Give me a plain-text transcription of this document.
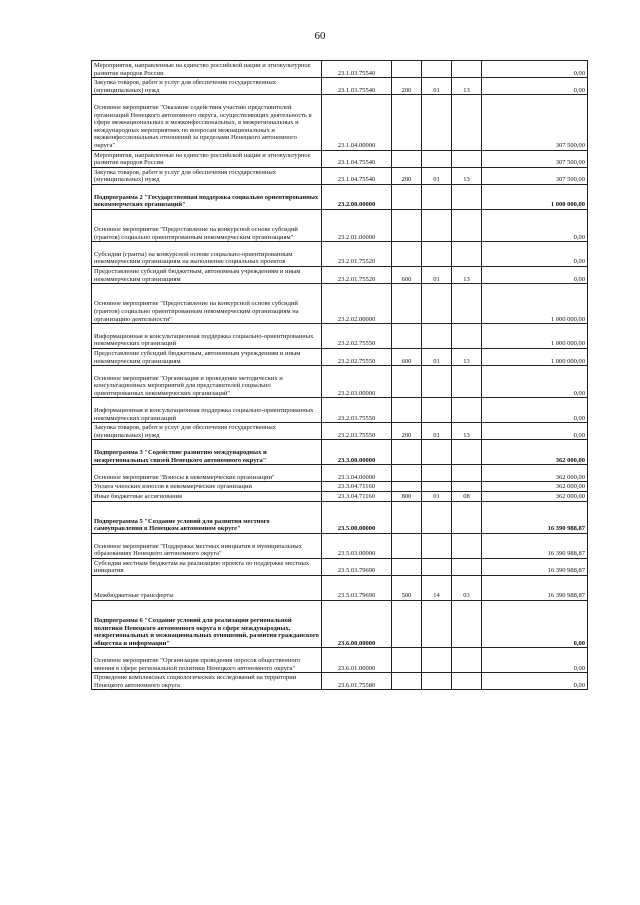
60
Мероприятия, направленные на единство российской нации и этнокультурное развитие народов России	23.1.03.75540				0,00
Закупка товаров, работ и услуг для обеспечения государственных (муниципальных) нужд	23.1.03.75540	200	01	13	0,00
Основное мероприятие "Оказание содействия участию представителей организаций Ненецкого автономного округа, осуществляющих деятельность в сфере межнациональных и межконфессиональных, в межрегиональных и международных мероприятиях по вопросам межнациональных и межконфессиональных отношений за пределами Ненецкого автономного округа"	23.1.04.00000				307 500,00
Мероприятия, направленные на единство российской нации и этнокультурное развитие народов России	23.1.04.75540				307 500,00
Закупка товаров, работ и услуг для обеспечения государственных (муниципальных) нужд	23.1.04.75540	200	01	13	307 500,00
Подпрограмма 2 "Государственная поддержка социально ориентированных некоммерческих организаций"	23.2.00.00000				1 000 000,00
Основное мероприятие "Предоставление на конкурсной основе субсидий (грантов) социально ориентированным некоммерческим организациям"	23.2.01.00000				0,00
Субсидии (гранты) на конкурсной основе социально-ориентированным некоммерческим организациям на выполнение социальных проектов	23.2.01.75520				0,00
Предоставление субсидий бюджетным, автономным учреждениям и иным некоммерческим организациям	23.2.01.75520	600	01	13	0,00
Основное мероприятие "Предоставление на конкурсной основе субсидий (грантов) социально ориентированным некоммерческим организациям на организацию деятельности"	23.2.02.00000				1 000 000,00
Информационная и консультационная поддержка социально-ориентированных некоммерческих организаций	23.2.02.75550				1 000 000,00
Предоставление субсидий бюджетным, автономным учреждениям и иным некоммерческим организациям	23.2.02.75550	600	01	13	1 000 000,00
Основное мероприятие "Организация и проведение методических и консультационных мероприятий для представителей социально ориентированных некоммерческих организаций"	23.2.03.00000				0,00
Информационная и консультационная поддержка социально-ориентированных некоммерческих организаций	23.2.03.75550				0,00
Закупка товаров, работ и услуг для обеспечения государственных (муниципальных) нужд	23.2.03.75550	200	01	13	0,00
Подпрограмма 3 "Содействие развитию международных и межрегиональных связей Ненецкого автономного округа"	23.3.00.00000				362 000,00
Основное мероприятие "Взносы в некоммерческие организации"	23.3.04.00000				362 000,00
Уплата членских взносов в некоммерческие организации	23.3.04.71160				362 000,00
Иные бюджетные ассигнования	23.3.04.71160	800	01	08	362 000,00
Подпрограмма 5 "Создание условий для развития местного самоуправления в Ненецком автономном округе"	23.5.00.00000				16 390 988,87
Основное мероприятие "Поддержка местных инициатив в муниципальных образованиях Ненецкого автономного округа"	23.5.03.00000				16 390 988,87
Субсидии местным бюджетам на реализацию проекта по поддержке местных инициатив	23.5.03.79690				16 390 988,87
Межбюджетные трансферты	23.5.03.79690	500	14	03	16 390 988,87
Подпрограмма 6 "Создание условий для реализации региональной политики Ненецкого автономного округа в сфере международных, межрегиональных и межнациональных отношений, развития гражданского общества и информации"	23.6.00.00000				0,00
Основное мероприятие "Организация проведения опросов общественного мнения в сфере региональной политики Ненецкого автономного округа"	23.6.01.00000				0,00
Проведение комплексных социологических исследований на территории Ненецкого автономного округа	23.6.01.75580				0,00
